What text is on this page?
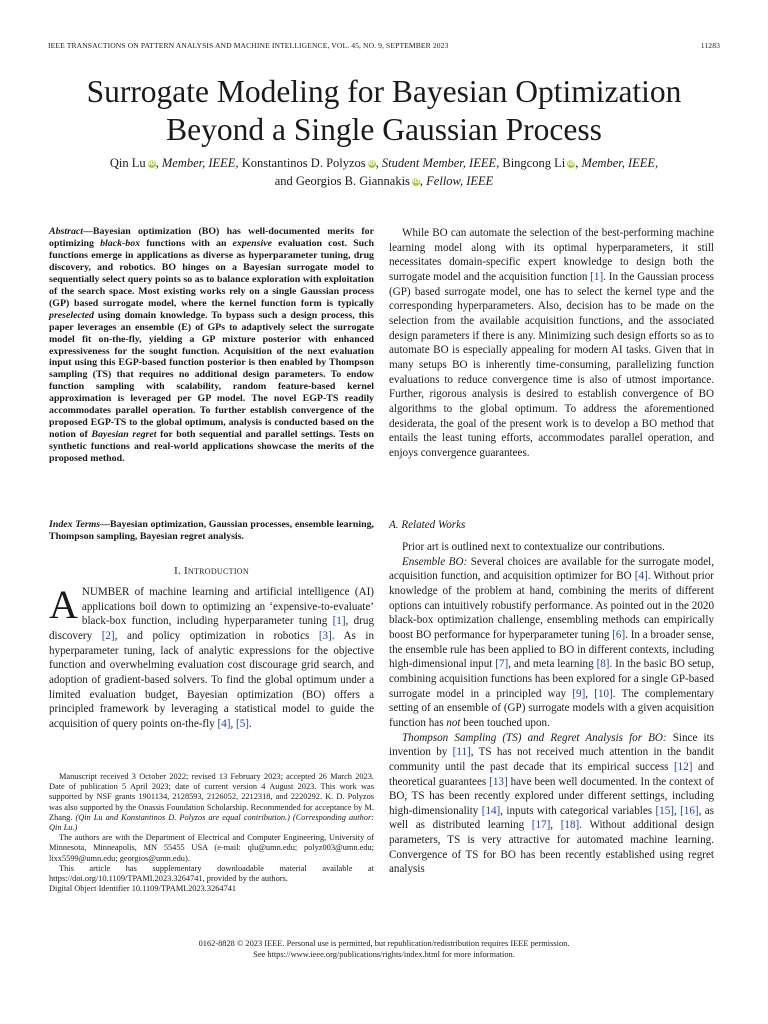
IEEE TRANSACTIONS ON PATTERN ANALYSIS AND MACHINE INTELLIGENCE, VOL. 45, NO. 9, SEPTEMBER 2023	11283
Surrogate Modeling for Bayesian Optimization
Beyond a Single Gaussian Process
Qin Lu iD, Member, IEEE, Konstantinos D. Polyzos iD, Student Member, IEEE, Bingcong Li iD, Member, IEEE,
and Georgios B. Giannakis iD, Fellow, IEEE
Abstract—Bayesian optimization (BO) has well-documented merits for optimizing black-box functions with an expensive evaluation cost. Such functions emerge in applications as diverse as hyperparameter tuning, drug discovery, and robotics. BO hinges on a Bayesian surrogate model to sequentially select query points so as to balance exploration with exploitation of the search space. Most existing works rely on a single Gaussian process (GP) based surrogate model, where the kernel function form is typically preselected using domain knowledge. To bypass such a design process, this paper leverages an ensemble (E) of GPs to adaptively select the surrogate model fit on-the-fly, yielding a GP mixture posterior with enhanced expressiveness for the sought function. Acquisition of the next evaluation input using this EGP-based function posterior is then enabled by Thompson sampling (TS) that requires no additional design parameters. To endow function sampling with scalability, random feature-based kernel approximation is leveraged per GP model. The novel EGP-TS readily accommodates parallel operation. To further establish convergence of the proposed EGP-TS to the global optimum, analysis is conducted based on the notion of Bayesian regret for both sequential and parallel settings. Tests on synthetic functions and real-world applications showcase the merits of the proposed method.
Index Terms—Bayesian optimization, Gaussian processes, ensemble learning, Thompson sampling, Bayesian regret analysis.
I. Introduction

ANUMBER of machine learning and artificial intelligence (AI) applications boil down to optimizing an ‘expensive-to-evaluate’ black-box function, including hyperparameter tuning [1], drug discovery [2], and policy optimization in robotics [3]. As in hyperparameter tuning, lack of analytic expressions for the objective function and overwhelming evaluation cost discourage grid search, and adoption of gradient-based solvers. To find the global optimum under a limited evaluation budget, Bayesian optimization (BO) offers a principled framework by leveraging a statistical model to guide the acquisition of query points on-the-fly [4], [5].

Manuscript received 3 October 2022; revised 13 February 2023; accepted 26 March 2023. Date of publication 5 April 2023; date of current version 4 August 2023. This work was supported by NSF grants 1901134, 2128593, 2126052, 2212318, and 2220292. K. D. Polyzos was also supported by the Onassis Foundation Scholarship. Recommended for acceptance by M. Zhang. (Qin Lu and Konstantinos D. Polyzos are equal contribution.) (Corresponding author: Qin Lu.)

The authors are with the Department of Electrical and Computer Engineering, University of Minnesota, Minneapolis, MN 55455 USA (e-mail: qlu@umn.edu; polyz003@umn.edu; lixx5599@umn.edu; georgios@umn.edu).

This article has supplementary downloadable material available at https://doi.org/10.1109/TPAMI.2023.3264741, provided by the authors.

Digital Object Identifier 10.1109/TPAMI.2023.3264741

While BO can automate the selection of the best-performing machine learning model along with its optimal hyperparameters, it still necessitates domain-specific expert knowledge to design both the surrogate model and the acquisition function [1]. In the Gaussian process (GP) based surrogate model, one has to select the kernel type and the corresponding hyperparameters. Also, decision has to be made on the selection from the available acquisition functions, and the associated design parameters if there is any. Minimizing such design efforts so as to automate BO is especially appealing for modern AI tasks. Given that in many setups BO is inherently time-consuming, parallelizing function evaluations to reduce convergence time is also of utmost importance. Further, rigorous analysis is desired to establish convergence of BO algorithms to the global optimum. To address the aforementioned desiderata, the goal of the present work is to develop a BO method that entails the least tuning efforts, accommodates parallel operation, and enjoys convergence guarantees.

A. Related Works

Prior art is outlined next to contextualize our contributions.

Ensemble BO: Several choices are available for the surrogate model, acquisition function, and acquisition optimizer for BO [4]. Without prior knowledge of the problem at hand, combining the merits of different options can intuitively robustify performance. As pointed out in the 2020 black-box optimization challenge, ensembling methods can empirically boost BO performance for hyperparameter tuning [6]. In a broader sense, the ensemble rule has been applied to BO in different contexts, including high-dimensional input [7], and meta learning [8]. In the basic BO setup, combining acquisition functions has been explored for a single GP-based surrogate model in a principled way [9], [10]. The complementary setting of an ensemble of (GP) surrogate models with a given acquisition function has not been touched upon.

Thompson Sampling (TS) and Regret Analysis for BO: Since its invention by [11], TS has not received much attention in the bandit community until the past decade that its empirical success [12] and theoretical guarantees [13] have been well documented. In the context of BO, TS has been recently explored under different settings, including high-dimensionality [14], inputs with categorical variables [15], [16], as well as distributed learning [17], [18]. Without additional design parameters, TS is very attractive for automated machine learning. Convergence of TS for BO has been recently established using regret analysis

0162-8828 © 2023 IEEE. Personal use is permitted, but republication/redistribution requires IEEE permission.
See https://www.ieee.org/publications/rights/index.html for more information.
